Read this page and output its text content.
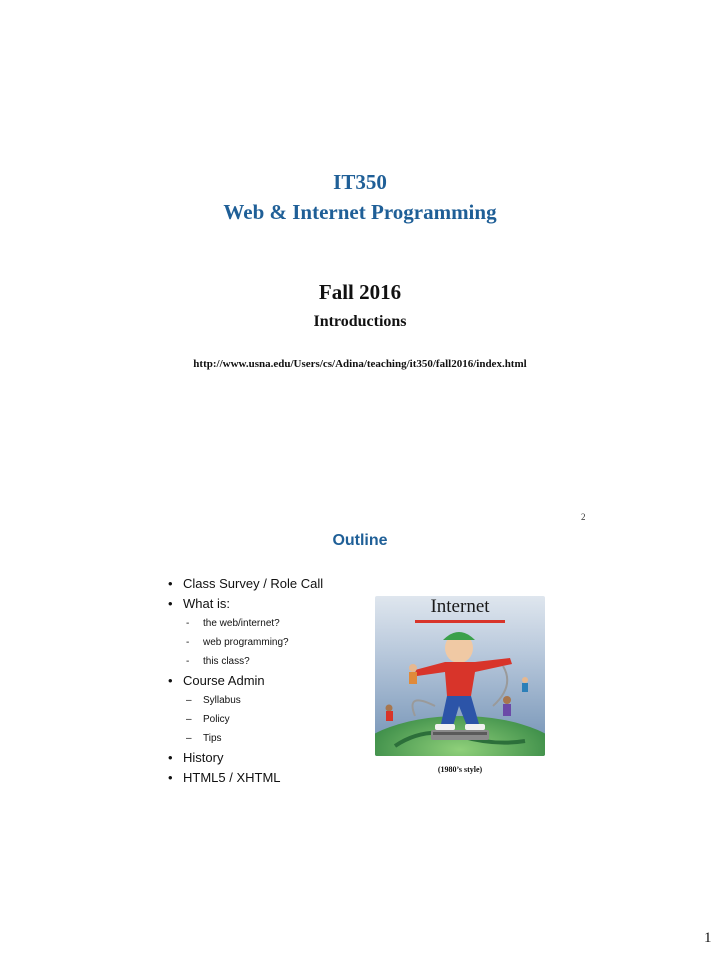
IT350
Web & Internet Programming
Fall 2016
Introductions
http://www.usna.edu/Users/cs/Adina/teaching/it350/fall2016/index.html
2
Outline
• Class Survey / Role Call
• What is:
- the web/internet?
- web programming?
- this class?
• Course Admin
– Syllabus
– Policy
– Tips
• History
• HTML5 / XHTML
Internet
(1980’s style)
1
